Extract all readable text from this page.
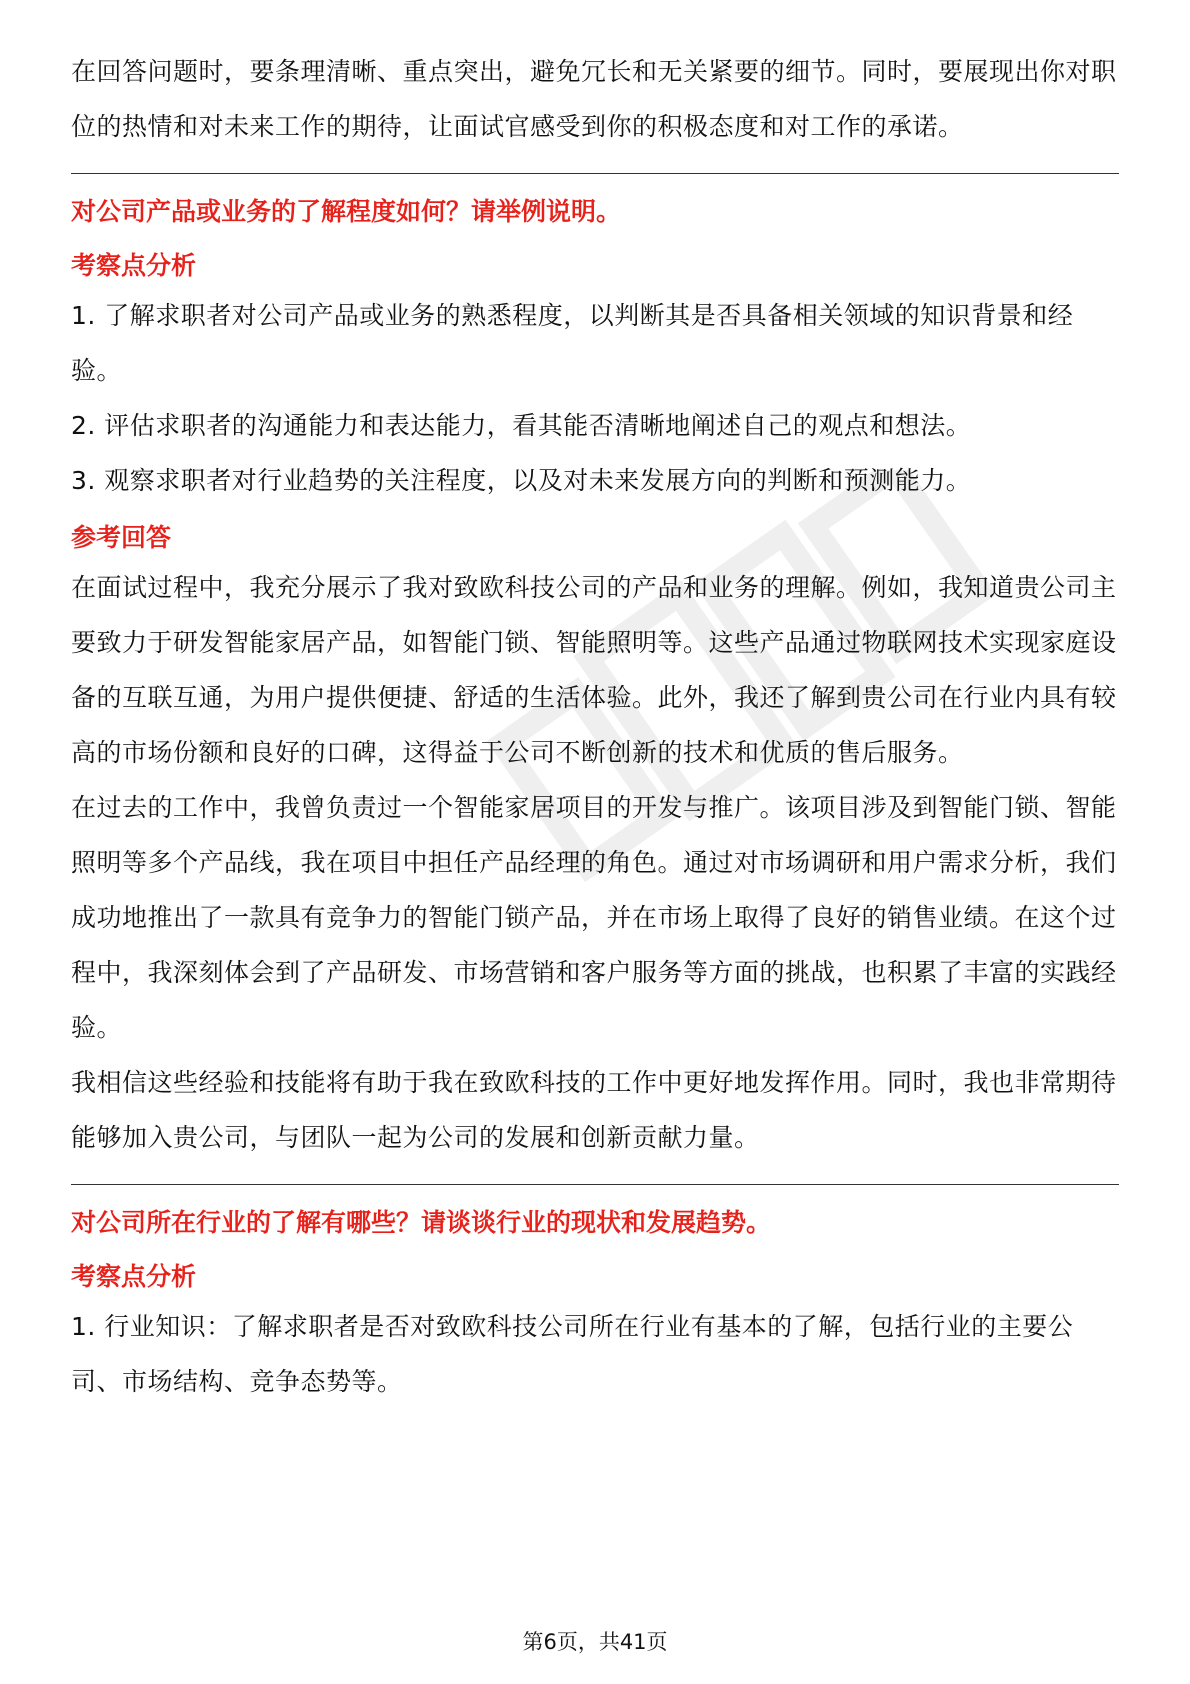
在回答问题时，要条理清晰、重点突出，避免冗长和无关紧要的细节。同时，要展现出你对职位的热情和对未来工作的期待，让面试官感受到你的积极态度和对工作的承诺。

对公司产品或业务的了解程度如何？请举例说明。

考察点分析

1. 了解求职者对公司产品或业务的熟悉程度，以判断其是否具备相关领域的知识背景和经验。

2. 评估求职者的沟通能力和表达能力，看其能否清晰地阐述自己的观点和想法。

3. 观察求职者对行业趋势的关注程度，以及对未来发展方向的判断和预测能力。

参考回答

在面试过程中，我充分展示了我对致欧科技公司的产品和业务的理解。例如，我知道贵公司主要致力于研发智能家居产品，如智能门锁、智能照明等。这些产品通过物联网技术实现家庭设备的互联互通，为用户提供便捷、舒适的生活体验。此外，我还了解到贵公司在行业内具有较高的市场份额和良好的口碑，这得益于公司不断创新的技术和优质的售后服务。

在过去的工作中，我曾负责过一个智能家居项目的开发与推广。该项目涉及到智能门锁、智能照明等多个产品线，我在项目中担任产品经理的角色。通过对市场调研和用户需求分析，我们成功地推出了一款具有竞争力的智能门锁产品，并在市场上取得了良好的销售业绩。在这个过程中，我深刻体会到了产品研发、市场营销和客户服务等方面的挑战，也积累了丰富的实践经验。

我相信这些经验和技能将有助于我在致欧科技的工作中更好地发挥作用。同时，我也非常期待能够加入贵公司，与团队一起为公司的发展和创新贡献力量。

对公司所在行业的了解有哪些？请谈谈行业的现状和发展趋势。

考察点分析

1. 行业知识：了解求职者是否对致欧科技公司所在行业有基本的了解，包括行业的主要公司、市场结构、竞争态势等。

第6页，共41页
